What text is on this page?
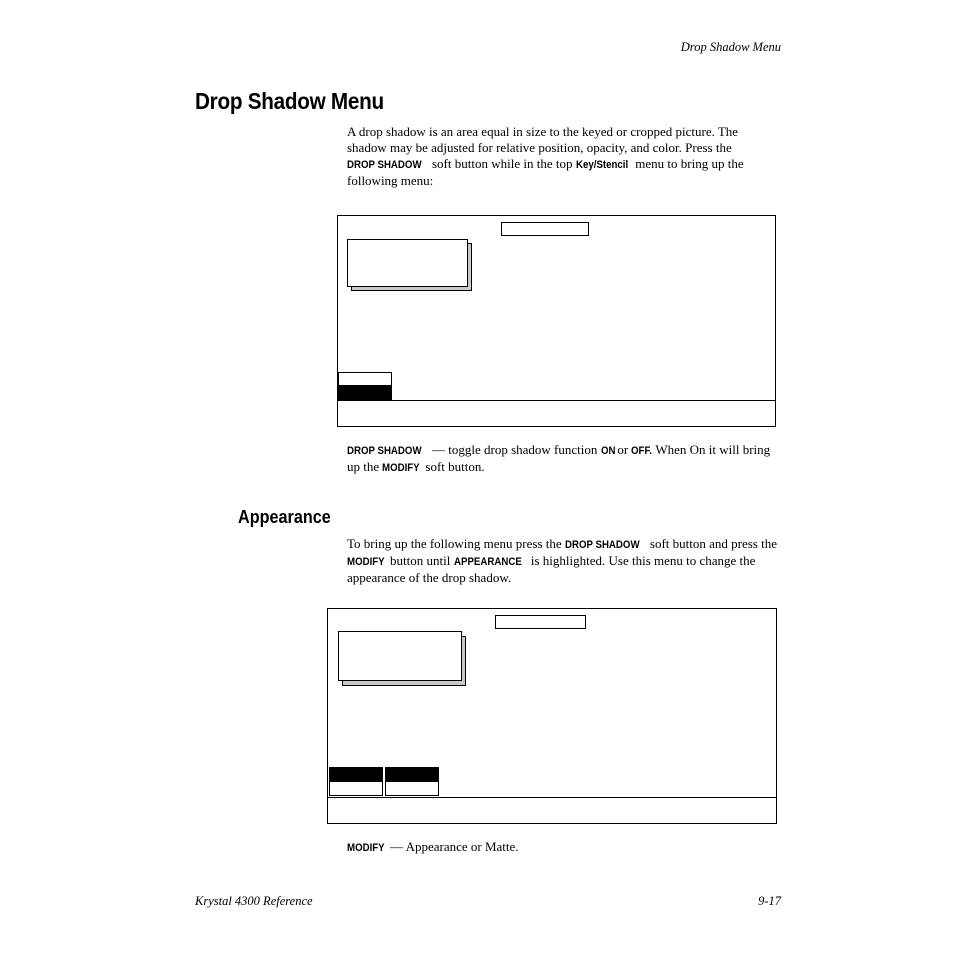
Drop Shadow Menu
Drop Shadow Menu
A drop shadow is an area equal in size to the keyed or cropped picture. The shadow may be adjusted for relative position, opacity, and color. Press the DROP SHADOW soft button while in the top Key/Stencil menu to bring up the following menu:
DROP SHADOW — toggle drop shadow function ON or OFF. When On it will bring up the MODIFY soft button.
Appearance
To bring up the following menu press the DROP SHADOW soft button and press the MODIFY button until APPEARANCE is highlighted. Use this menu to change the appearance of the drop shadow.
MODIFY — Appearance or Matte.
Krystal 4300 Reference	9-17
